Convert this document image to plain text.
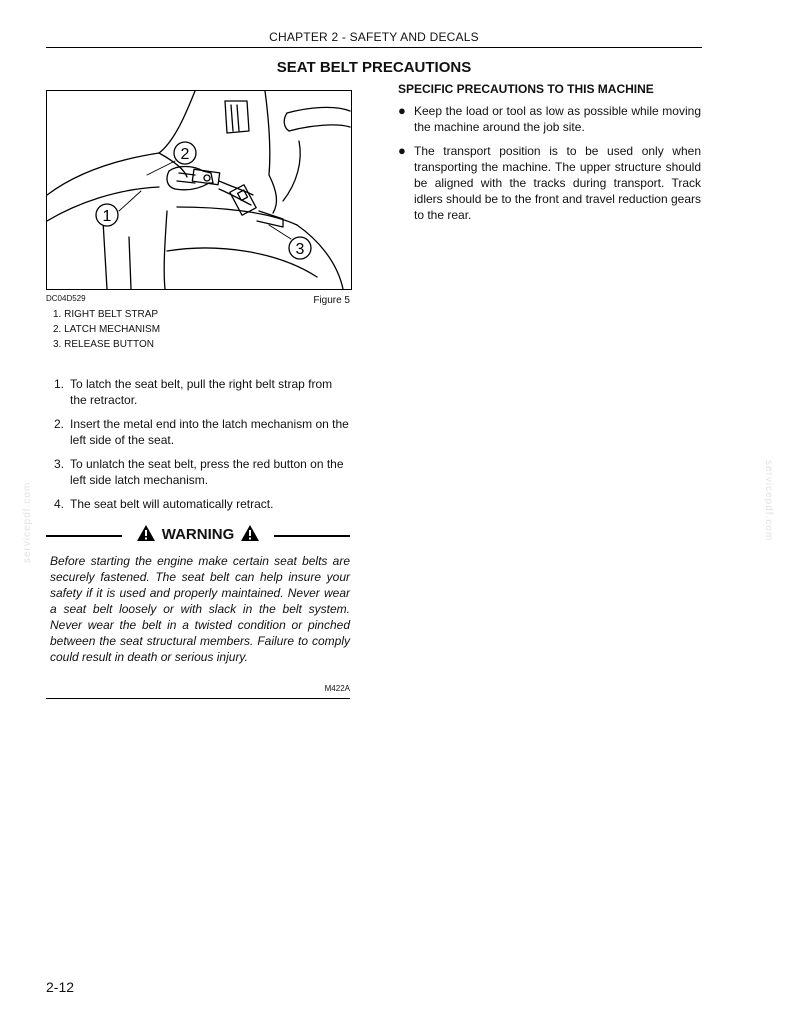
CHAPTER 2 - SAFETY AND DECALS
SEAT BELT PRECAUTIONS
2
1
3
DC04D529	Figure 5
1. RIGHT BELT STRAP
2. LATCH MECHANISM
3. RELEASE BUTTON
1. To latch the seat belt, pull the right belt strap from the retractor.
2. Insert the metal end into the latch mechanism on the left side of the seat.
3. To unlatch the seat belt, press the red button on the left side latch mechanism.
4. The seat belt will automatically retract.
WARNING
Before starting the engine make certain seat belts are securely fastened. The seat belt can help insure your safety if it is used and properly maintained. Never wear a seat belt loosely or with slack in the belt system. Never wear the belt in a twisted condition or pinched between the seat structural members. Failure to comply could result in death or serious injury.
M422A
SPECIFIC PRECAUTIONS TO THIS MACHINE
● Keep the load or tool as low as possible while moving the machine around the job site.
● The transport position is to be used only when transporting the machine. The upper structure should be aligned with the tracks during transport. Track idlers should be to the front and travel reduction gears to the rear.
2-12
servicepdf.com	servicepdf.com
